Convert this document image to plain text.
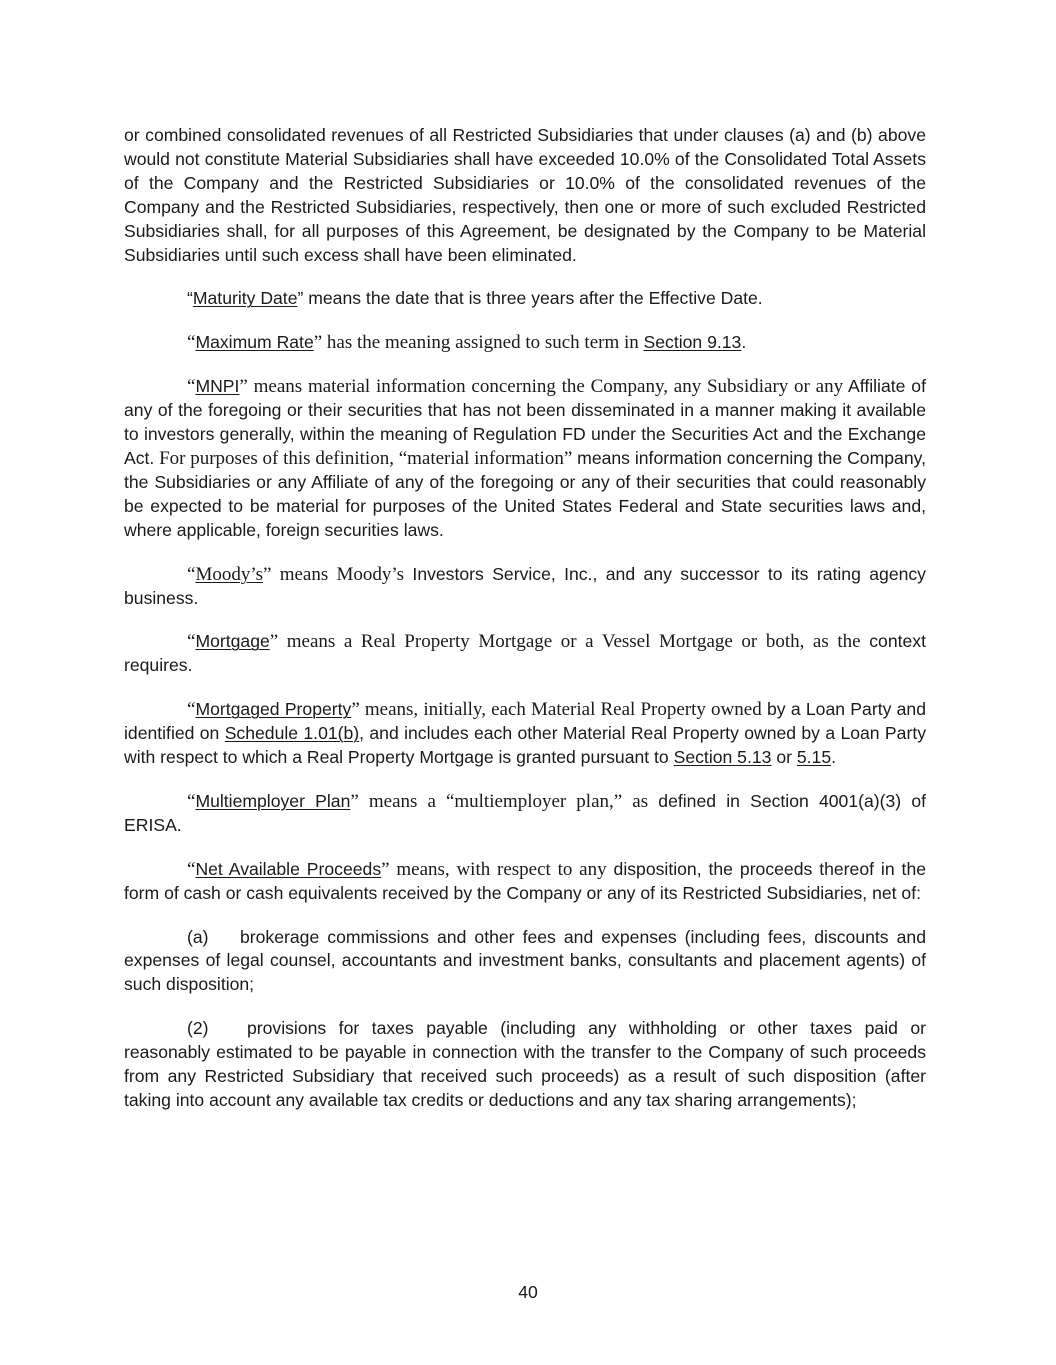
or combined consolidated revenues of all Restricted Subsidiaries that under clauses (a) and (b) above would not constitute Material Subsidiaries shall have exceeded 10.0% of the Consolidated Total Assets of the Company and the Restricted Subsidiaries or 10.0% of the consolidated revenues of the Company and the Restricted Subsidiaries, respectively, then one or more of such excluded Restricted Subsidiaries shall, for all purposes of this Agreement, be designated by the Company to be Material Subsidiaries until such excess shall have been eliminated.

“Maturity Date” means the date that is three years after the Effective Date.

“Maximum Rate” has the meaning assigned to such term in Section 9.13.

“MNPI” means material information concerning the Company, any Subsidiary or any Affiliate of any of the foregoing or their securities that has not been disseminated in a manner making it available to investors generally, within the meaning of Regulation FD under the Securities Act and the Exchange Act. For purposes of this definition, “material information” means information concerning the Company, the Subsidiaries or any Affiliate of any of the foregoing or any of their securities that could reasonably be expected to be material for purposes of the United States Federal and State securities laws and, where applicable, foreign securities laws.

“Moody’s” means Moody’s Investors Service, Inc., and any successor to its rating agency business.

“Mortgage” means a Real Property Mortgage or a Vessel Mortgage or both, as the context requires.

“Mortgaged Property” means, initially, each Material Real Property owned by a Loan Party and identified on Schedule 1.01(b), and includes each other Material Real Property owned by a Loan Party with respect to which a Real Property Mortgage is granted pursuant to Section 5.13 or 5.15.

“Multiemployer Plan” means a “multiemployer plan,” as defined in Section 4001(a)(3) of ERISA.

“Net Available Proceeds” means, with respect to any disposition, the proceeds thereof in the form of cash or cash equivalents received by the Company or any of its Restricted Subsidiaries, net of:

(a) brokerage commissions and other fees and expenses (including fees, discounts and expenses of legal counsel, accountants and investment banks, consultants and placement agents) of such disposition;

(2) provisions for taxes payable (including any withholding or other taxes paid or reasonably estimated to be payable in connection with the transfer to the Company of such proceeds from any Restricted Subsidiary that received such proceeds) as a result of such disposition (after taking into account any available tax credits or deductions and any tax sharing arrangements);

40
